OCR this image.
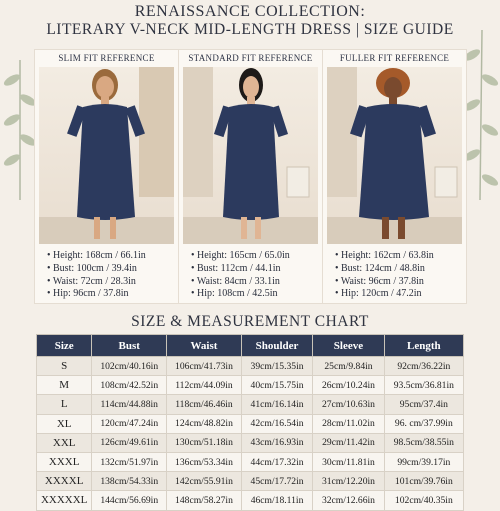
RENAISSANCE COLLECTION:
LITERARY V-NECK MID-LENGTH DRESS | SIZE GUIDE
SLIM FIT REFERENCE
• Height: 168cm / 66.1in
• Bust: 100cm / 39.4in
• Waist: 72cm / 28.3in
• Hip: 96cm / 37.8in
STANDARD FIT REFERENCE
• Height: 165cm / 65.0in
• Bust: 112cm / 44.1in
• Waist: 84cm / 33.1in
• Hip: 108cm / 42.5in
FULLER FIT REFERENCE
• Height: 162cm / 63.8in
• Bust: 124cm / 48.8in
• Waist: 96cm / 37.8in
• Hip: 120cm / 47.2in
SIZE & MEASUREMENT CHART
Size	Bust	Waist	Shoulder	Sleeve	Length
S	102cm/40.16in	106cm/41.73in	39cm/15.35in	25cm/9.84in	92cm/36.22in
M	108cm/42.52in	112cm/44.09in	40cm/15.75in	26cm/10.24in	93.5cm/36.81in
L	114cm/44.88in	118cm/46.46in	41cm/16.14in	27cm/10.63in	95cm/37.4in
XL	120cm/47.24in	124cm/48.82in	42cm/16.54in	28cm/11.02in	96. cm/37.99in
XXL	126cm/49.61in	130cm/51.18in	43cm/16.93in	29cm/11.42in	98.5cm/38.55in
XXXL	132cm/51.97in	136cm/53.34in	44cm/17.32in	30cm/11.81in	99cm/39.17in
XXXXL	138cm/54.33in	142cm/55.91in	45cm/17.72in	31cm/12.20in	101cm/39.76in
XXXXXL	144cm/56.69in	148cm/58.27in	46cm/18.11in	32cm/12.66in	102cm/40.35in
